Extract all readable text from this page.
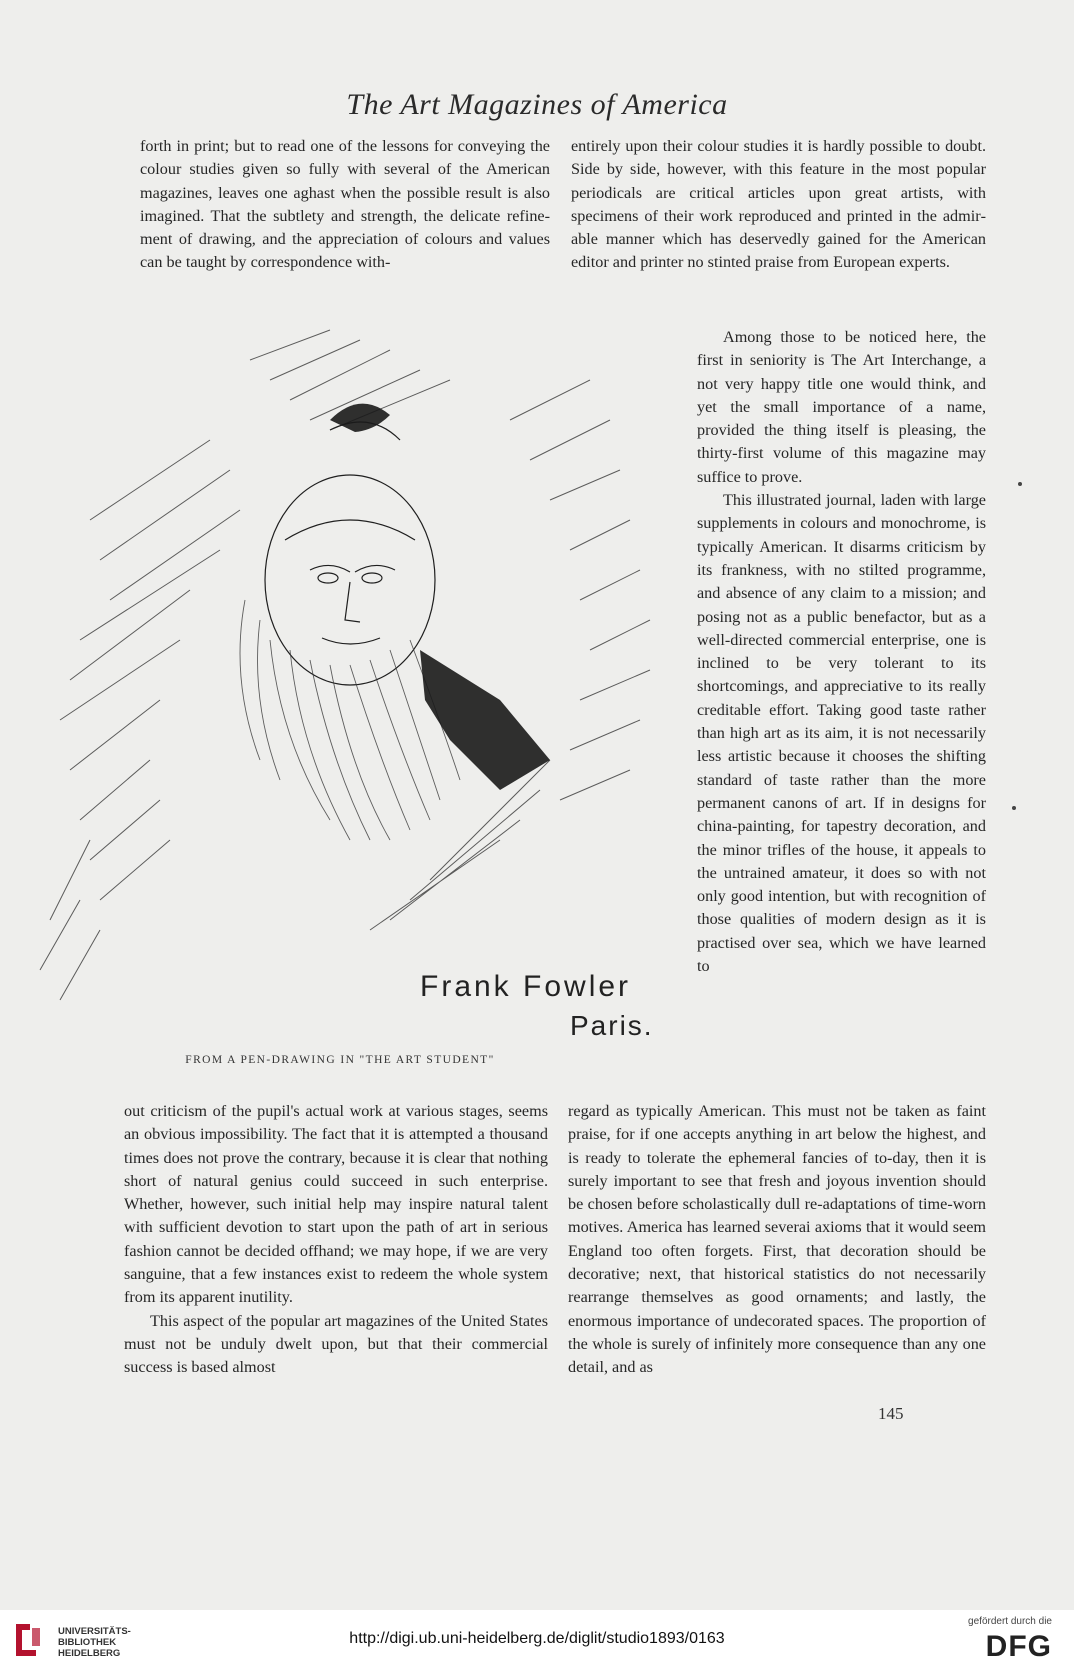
The Art Magazines of America

forth in print; but to read one of the lessons for conveying the colour studies given so fully with several of the American magazines, leaves one aghast when the possible result is also imagined. That the subtlety and strength, the delicate refinement of drawing, and the appreciation of colours and values can be taught by correspondence with-

entirely upon their colour studies it is hardly possible to doubt. Side by side, however, with this feature in the most popular periodicals are critical articles upon great artists, with specimens of their work reproduced and printed in the admirable manner which has deservedly gained for the American editor and printer no stinted praise from European experts.

Among those to be noticed here, the first in seniority is The Art Interchange, a not very happy title one would think, and yet the small importance of a name, provided the thing itself is pleasing, the thirty-first volume of this magazine may suffice to prove.

This illustrated journal, laden with large supplements in colours and monochrome, is typically American. It disarms criticism by its frankness, with no stilted programme, and absence of any claim to a mission; and posing not as a public benefactor, but as a well-directed commercial enterprise, one is inclined to be very tolerant to its shortcomings, and appreciative to its really creditable effort. Taking good taste rather than high art as its aim, it is not necessarily less artistic because it chooses the shifting standard of taste rather than the more permanent canons of art. If in designs for china-painting, for tapestry decoration, and the minor trifles of the house, it appeals to the untrained amateur, it does so with not only good intention, but with recognition of those qualities of modern design as it is practised over sea, which we have learned to

Frank Fowler
Paris.
FROM A PEN-DRAWING IN "THE ART STUDENT"

out criticism of the pupil's actual work at various stages, seems an obvious impossibility. The fact that it is attempted a thousand times does not prove the contrary, because it is clear that nothing short of natural genius could succeed in such enterprise. Whether, however, such initial help may inspire natural talent with sufficient devotion to start upon the path of art in serious fashion cannot be decided offhand; we may hope, if we are very sanguine, that a few instances exist to redeem the whole system from its apparent inutility.

This aspect of the popular art magazines of the United States must not be unduly dwelt upon, but that their commercial success is based almost

regard as typically American. This must not be taken as faint praise, for if one accepts anything in art below the highest, and is ready to tolerate the ephemeral fancies of to-day, then it is surely important to see that fresh and joyous invention should be chosen before scholastically dull re-adaptations of time-worn motives. America has learned severai axioms that it would seem England too often forgets. First, that decoration should be decorative; next, that historical statistics do not necessarily rearrange themselves as good ornaments; and lastly, the enormous importance of undecorated spaces. The proportion of the whole is surely of infinitely more consequence than any one detail, and as

145
UNIVERSITÄTS-
BIBLIOTHEK
HEIDELBERG
http://digi.ub.uni-heidelberg.de/diglit/studio1893/0163
gefördert durch die
DFG
